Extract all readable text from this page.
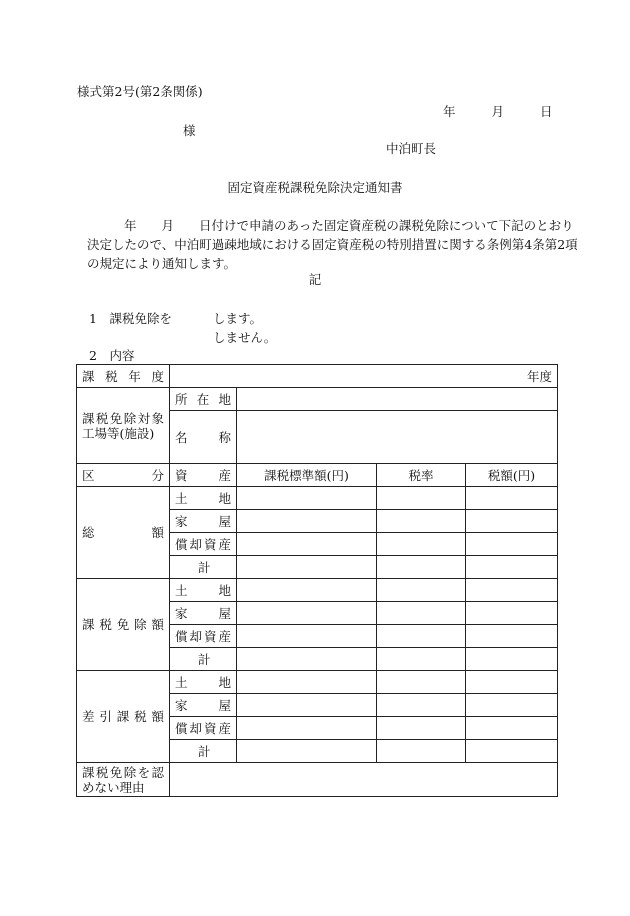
様式第2号(第2条関係)
年	月	日
様
中泊町長
固定資産税課税免除決定通知書

年　　月　　日付けで申請のあった固定資産税の課税免除について下記のとおり

決定したので、中泊町過疎地域における固定資産税の特別措置に関する条例第4条第2項

の規定により通知します。

記
1　課税免除を	します。
しません。
2　内容
課税年度	年度			

課税免除対象
工場等(施設)	所在地			
	名称			
区分	資産	課税標準額(円)	税率	税額(円)
総額	土地			
	家屋			
	償却資産			
	計			
課税免除額	土地			
	家屋			
	償却資産			
	計			
差引課税額	土地			
	家屋			
	償却資産			
	計			

課税免除を認
めない理由				
